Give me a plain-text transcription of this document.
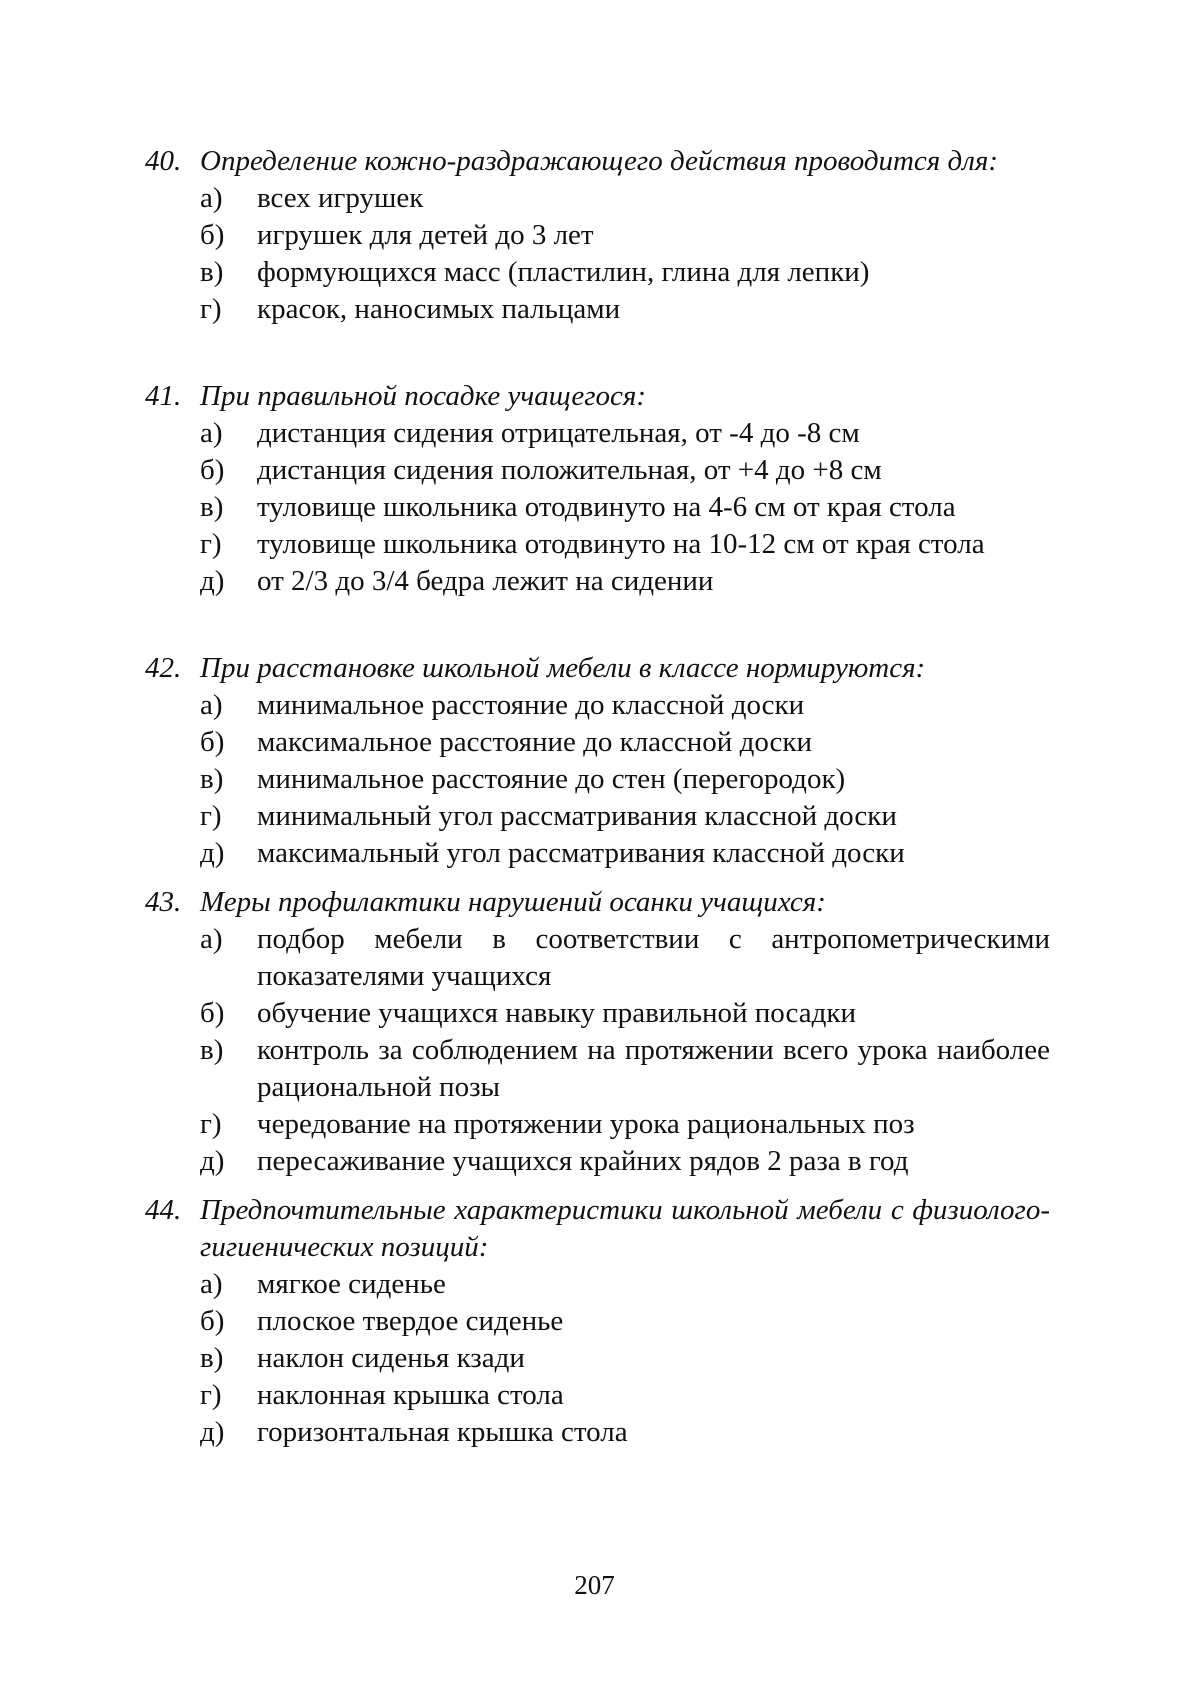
40. Определение кожно-раздражающего действия проводится для:
а)	всех игрушек
б)	игрушек для детей до 3 лет
в)	формующихся масс (пластилин, глина для лепки)
г)	красок, наносимых пальцами
41. При правильной посадке учащегося:
а)	дистанция сидения отрицательная, от -4 до -8 см
б)	дистанция сидения положительная, от +4 до +8 см
в)	туловище школьника отодвинуто на 4-6 см от края стола
г)	туловище школьника отодвинуто на 10-12 см от края стола
д)	от 2/3 до 3/4 бедра лежит на сидении
42. При расстановке школьной мебели в классе нормируются:
а)	минимальное расстояние до классной доски
б)	максимальное расстояние до классной доски
в)	минимальное расстояние до стен (перегородок)
г)	минимальный угол рассматривания классной доски
д)	максимальный угол рассматривания классной доски
43. Меры профилактики нарушений осанки учащихся:
а)	подбор мебели в соответствии с антропометрическими показателями учащихся
б)	обучение учащихся навыку правильной посадки
в)	контроль за соблюдением на протяжении всего урока наиболее рациональной позы
г)	чередование на протяжении урока рациональных поз
д)	пересаживание учащихся крайних рядов 2 раза в год
44. Предпочтительные характеристики школьной мебели с физиолого-гигиенических позиций:
а)	мягкое сиденье
б)	плоское твердое сиденье
в)	наклон сиденья кзади
г)	наклонная крышка стола
д)	горизонтальная крышка стола
207
